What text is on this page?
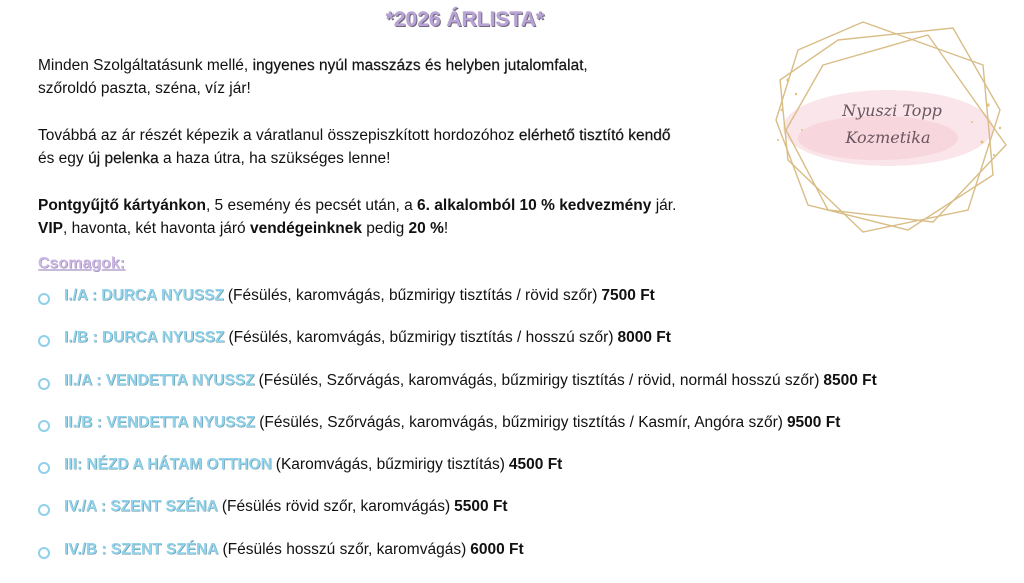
*2026 ÁRLISTA*

Minden Szolgáltatásunk mellé, ingyenes nyúl masszázs és helyben jutalomfalat,
szőroldó paszta, széna, víz jár!

Továbbá az ár részét képezik a váratlanul összepiszkított hordozóhoz elérhető tisztító kendő
és egy új pelenka a haza útra, ha szükséges lenne!

Pontgyűjtő kártyánkon, 5 esemény és pecsét után, a 6. alkalomból 10 % kedvezmény jár.
VIP, havonta, két havonta járó vendégeinknek pedig 20 %!

Csomagok:
I./A : DURCA NYUSSZ (Fésülés, karomvágás, bűzmirigy tisztítás / rövid szőr) 7500 Ft
I./B : DURCA NYUSSZ (Fésülés, karomvágás, bűzmirigy tisztítás / hosszú szőr) 8000 Ft
II./A : VENDETTA NYUSSZ (Fésülés, Szőrvágás, karomvágás, bűzmirigy tisztítás / rövid, normál hosszú szőr) 8500 Ft
II./B : VENDETTA NYUSSZ (Fésülés, Szőrvágás, karomvágás, bűzmirigy tisztítás / Kasmír, Angóra szőr) 9500 Ft
III: NÉZD A HÁTAM OTTHON (Karomvágás, bűzmirigy tisztítás) 4500 Ft
IV./A : SZENT SZÉNA (Fésülés rövid szőr, karomvágás) 5500 Ft
IV./B : SZENT SZÉNA (Fésülés hosszú szőr, karomvágás) 6000 Ft
Nyuszi Topp
Kozmetika
